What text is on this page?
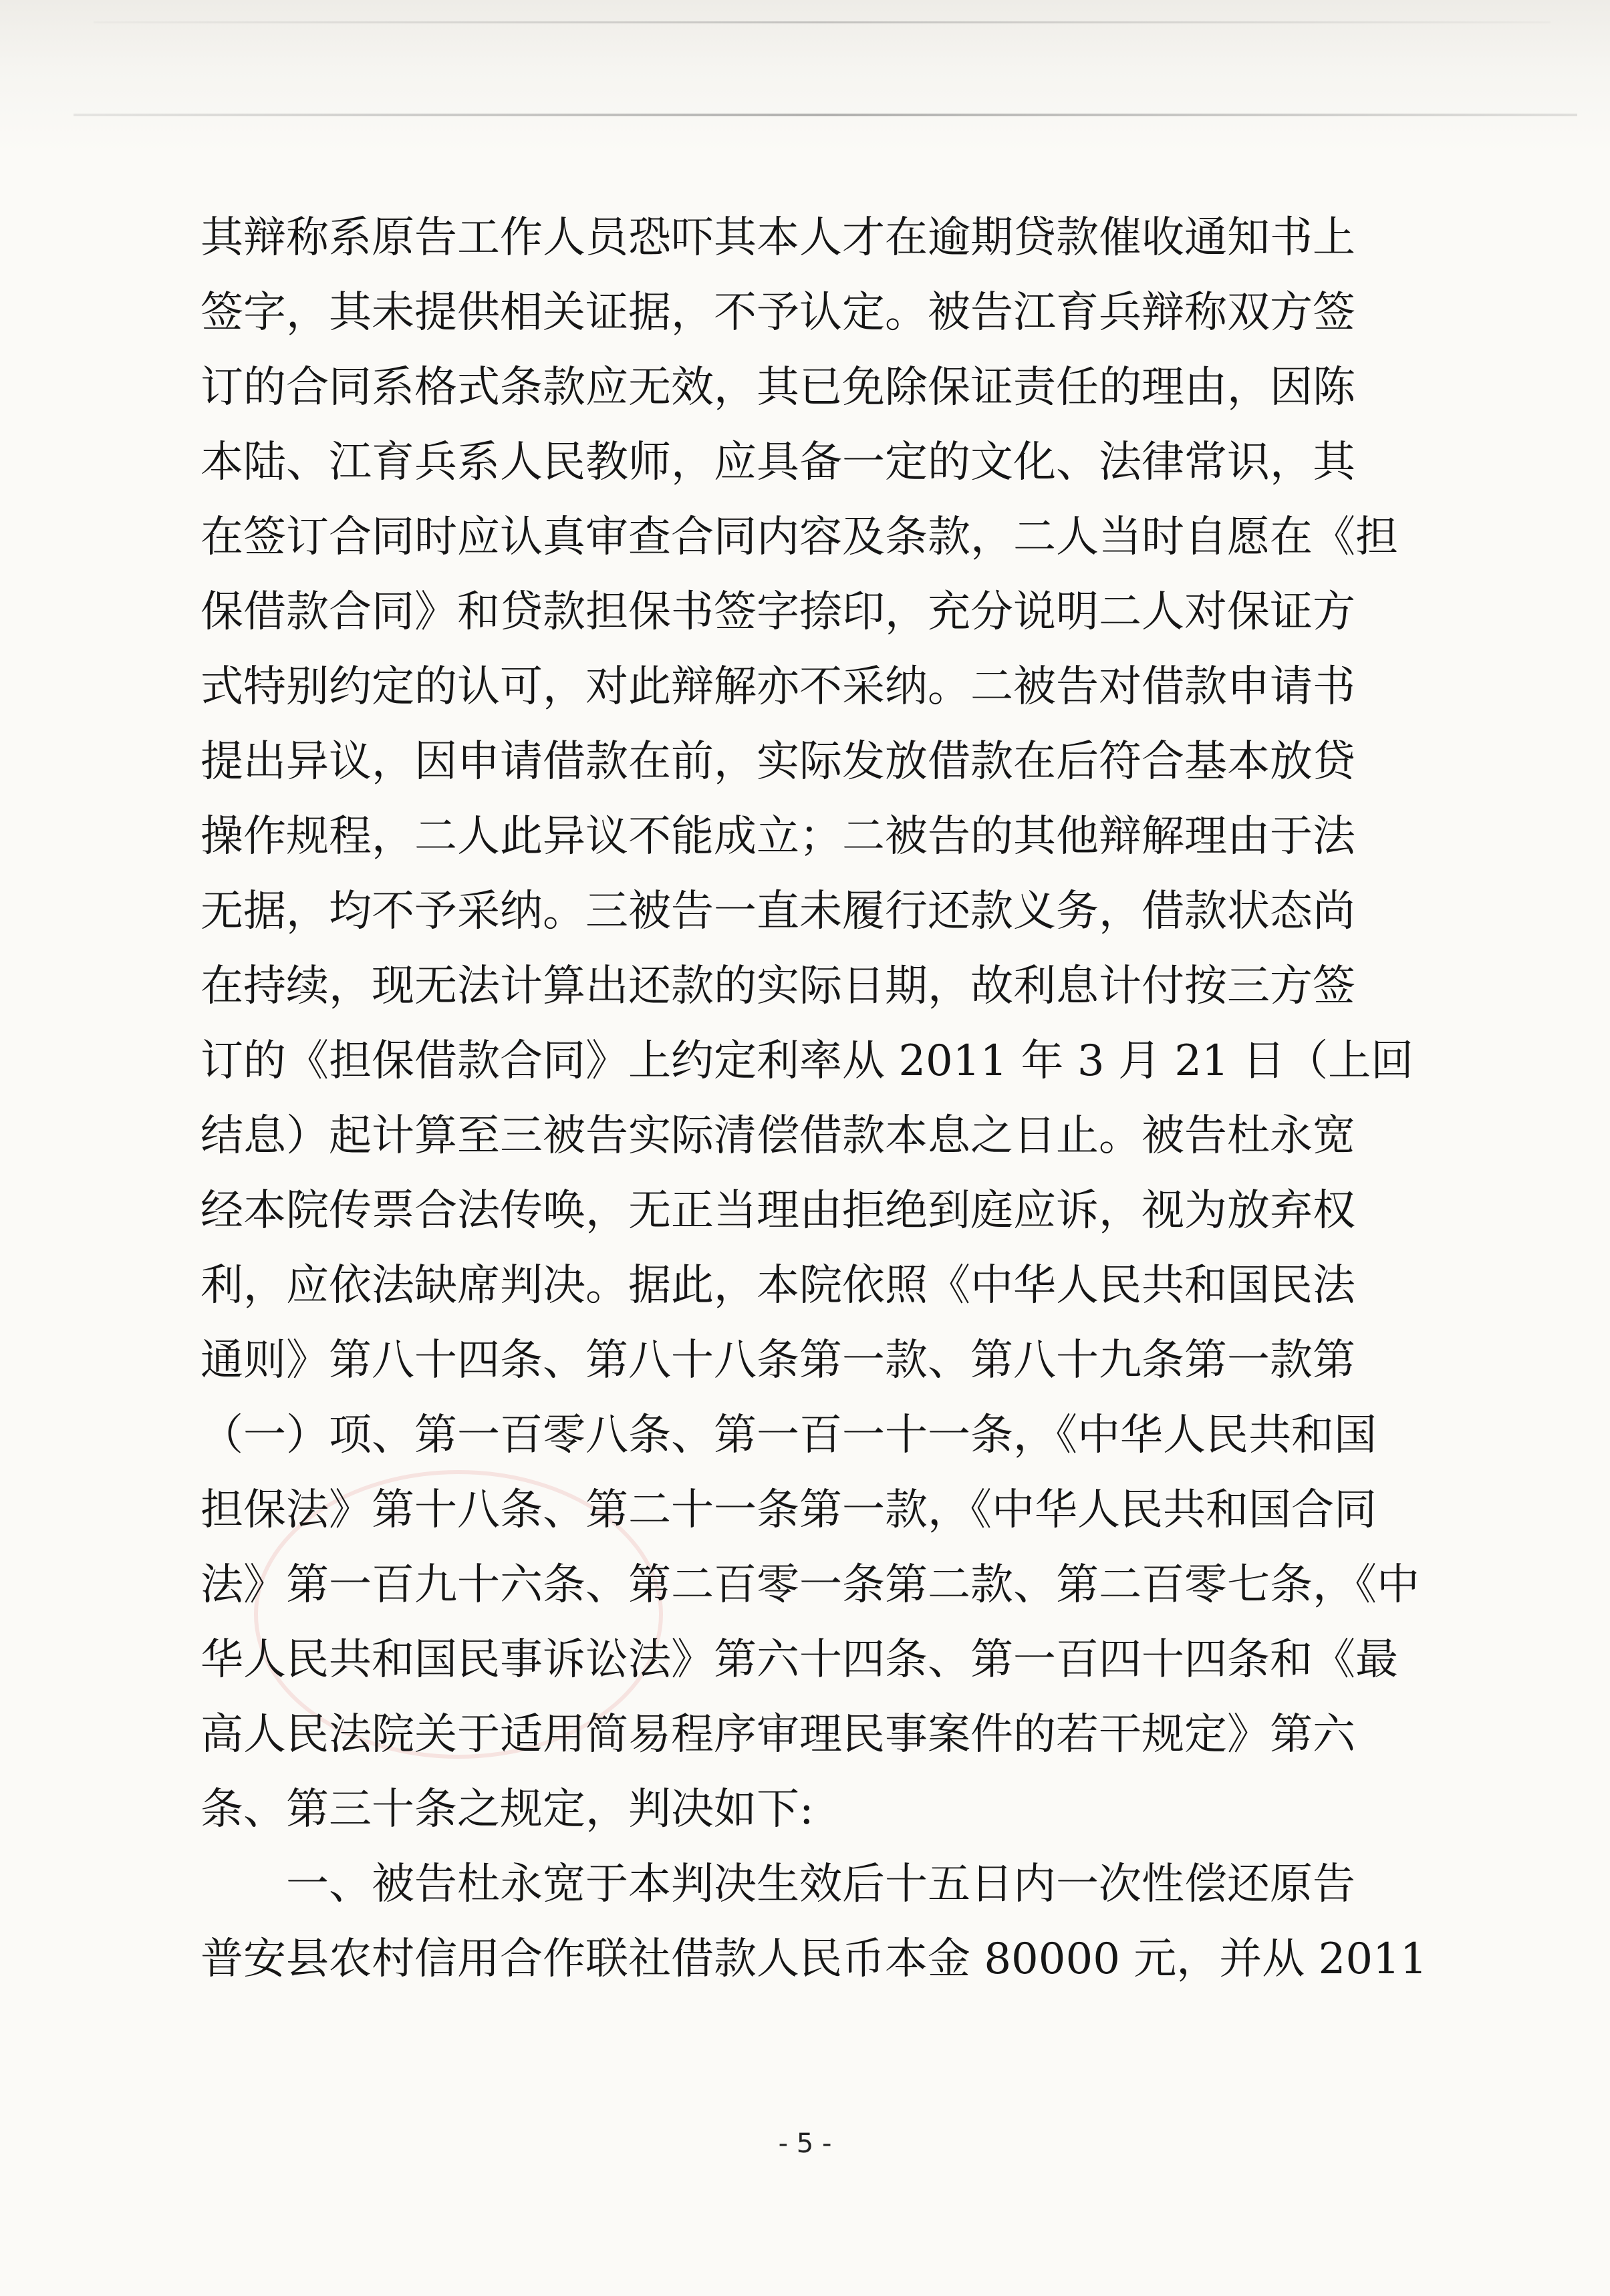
其辩称系原告工作人员恐吓其本人才在逾期贷款催收通知书上
签字，其未提供相关证据，不予认定。被告江育兵辩称双方签
订的合同系格式条款应无效，其已免除保证责任的理由，因陈
本陆、江育兵系人民教师，应具备一定的文化、法律常识，其
在签订合同时应认真审查合同内容及条款，二人当时自愿在《担
保借款合同》和贷款担保书签字捺印，充分说明二人对保证方
式特别约定的认可，对此辩解亦不采纳。二被告对借款申请书
提出异议，因申请借款在前，实际发放借款在后符合基本放贷
操作规程，二人此异议不能成立；二被告的其他辩解理由于法
无据，均不予采纳。三被告一直未履行还款义务，借款状态尚
在持续，现无法计算出还款的实际日期，故利息计付按三方签
订的《担保借款合同》上约定利率从 2011 年 3 月 21 日（上回
结息）起计算至三被告实际清偿借款本息之日止。被告杜永宽
经本院传票合法传唤，无正当理由拒绝到庭应诉，视为放弃权
利，应依法缺席判决。据此，本院依照《中华人民共和国民法
通则》第八十四条、第八十八条第一款、第八十九条第一款第
（一）项、第一百零八条、第一百一十一条，《中华人民共和国
担保法》第十八条、第二十一条第一款，《中华人民共和国合同
法》第一百九十六条、第二百零一条第二款、第二百零七条，《中
华人民共和国民事诉讼法》第六十四条、第一百四十四条和《最
高人民法院关于适用简易程序审理民事案件的若干规定》第六
条、第三十条之规定，判决如下:
　　一、被告杜永宽于本判决生效后十五日内一次性偿还原告
普安县农村信用合作联社借款人民币本金 80000 元，并从 2011
- 5 -
